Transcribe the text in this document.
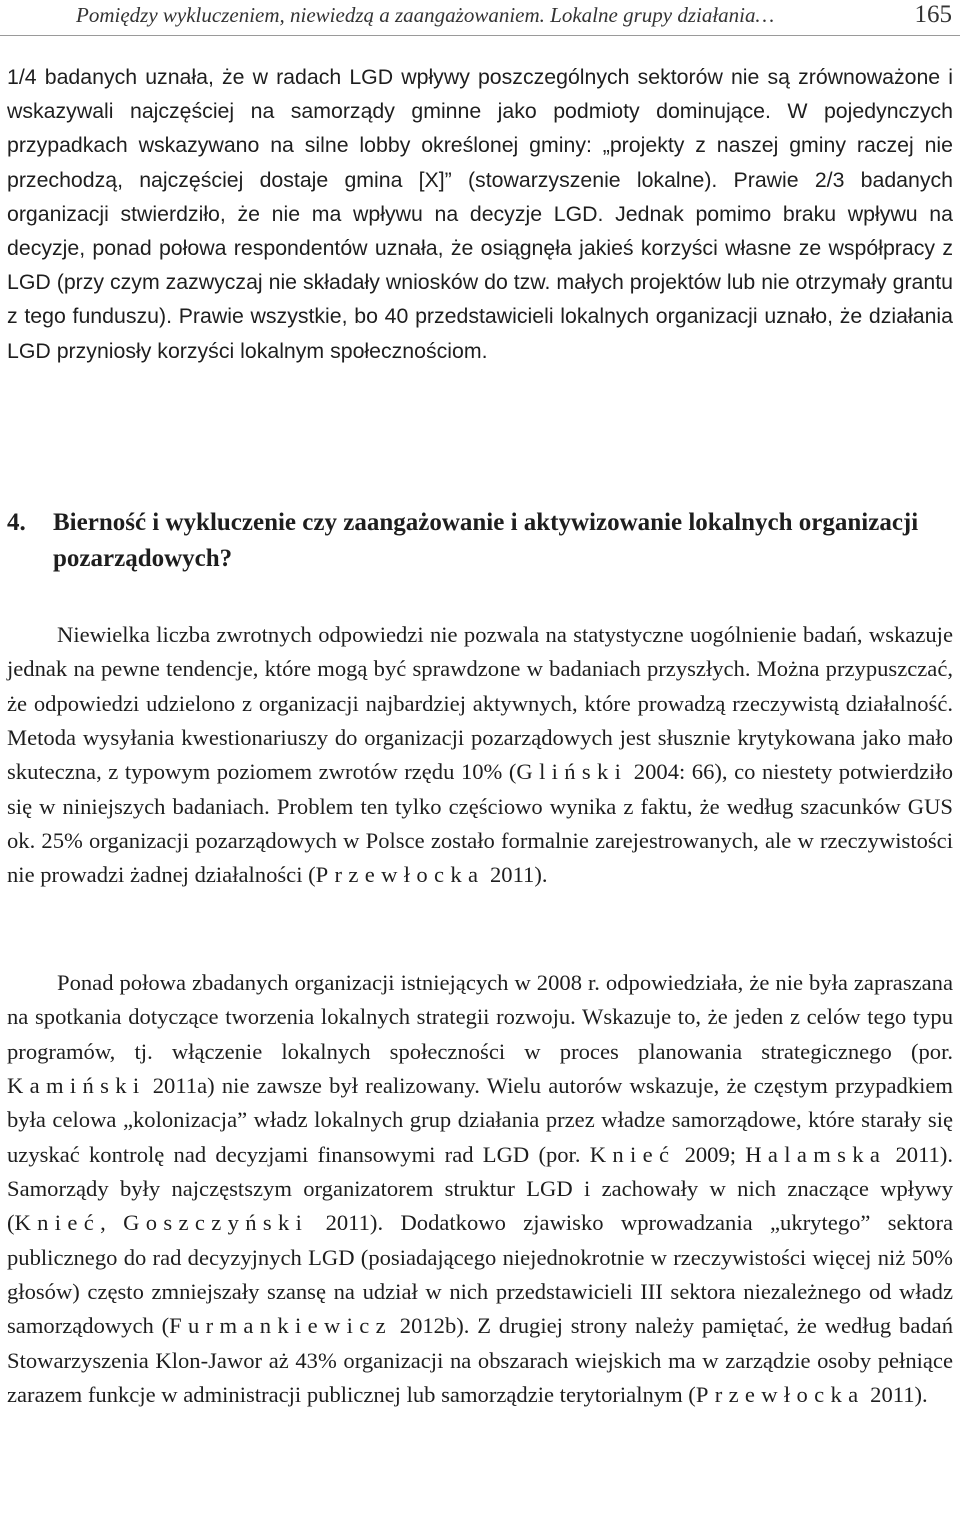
Pomiędzy wykluczeniem, niewiedzą a zaangażowaniem. Lokalne grupy działania…	165

1/4 badanych uznała, że w radach LGD wpływy poszczególnych sektorów nie są zrównoważone i wskazywali najczęściej na samorządy gminne jako podmioty dominujące. W pojedynczych przypadkach wskazywano na silne lobby określonej gminy: „projekty z naszej gminy raczej nie przechodzą, najczęściej dostaje gmina [X]” (stowarzyszenie lokalne). Prawie 2/3 badanych organizacji stwierdziło, że nie ma wpływu na decyzje LGD. Jednak pomimo braku wpływu na decyzje, ponad połowa respondentów uznała, że osiągnęła jakieś korzyści własne ze współpracy z LGD (przy czym zazwyczaj nie składały wniosków do tzw. małych projektów lub nie otrzymały grantu z tego funduszu). Prawie wszystkie, bo 40 przedstawicieli lokalnych organizacji uznało, że działania LGD przyniosły korzyści lokalnym społecznościom.

4.	Bierność i wykluczenie czy zaangażowanie i aktywizowanie lokalnych organizacji pozarządowych?

Niewielka liczba zwrotnych odpowiedzi nie pozwala na statystyczne uogólnienie badań, wskazuje jednak na pewne tendencje, które mogą być sprawdzone w badaniach przyszłych. Można przypuszczać, że odpowiedzi udzielono z organizacji najbardziej aktywnych, które prowadzą rzeczywistą działalność. Metoda wysyłania kwestionariuszy do organizacji pozarządowych jest słusznie krytykowana jako mało skuteczna, z typowym poziomem zwrotów rzędu 10% (Gliński 2004: 66), co niestety potwierdziło się w niniejszych badaniach. Problem ten tylko częściowo wynika z faktu, że według szacunków GUS ok. 25% organizacji pozarządowych w Polsce zostało formalnie zarejestrowanych, ale w rzeczywistości nie prowadzi żadnej działalności (Przewłocka 2011).

Ponad połowa zbadanych organizacji istniejących w 2008 r. odpowiedziała, że nie była zapraszana na spotkania dotyczące tworzenia lokalnych strategii rozwoju. Wskazuje to, że jeden z celów tego typu programów, tj. włączenie lokalnych społeczności w proces planowania strategicznego (por. Kamiński 2011a) nie zawsze był realizowany. Wielu autorów wskazuje, że częstym przypadkiem była celowa „kolonizacja” władz lokalnych grup działania przez władze samorządowe, które starały się uzyskać kontrolę nad decyzjami finansowymi rad LGD (por. Knieć 2009; Halamska 2011). Samorządy były najczęstszym organizatorem struktur LGD i zachowały w nich znaczące wpływy (Knieć, Goszczyński 2011). Dodatkowo zjawisko wprowadzania „ukrytego” sektora publicznego do rad decyzyjnych LGD (posiadającego niejednokrotnie w rzeczywistości więcej niż 50% głosów) często zmniejszały szansę na udział w nich przedstawicieli III sektora niezależnego od władz samorządowych (Furmankiewicz 2012b). Z drugiej strony należy pamiętać, że według badań Stowarzyszenia Klon-Jawor aż 43% organizacji na obszarach wiejskich ma w zarządzie osoby pełniące zarazem funkcje w administracji publicznej lub samorządzie terytorialnym (Przewłocka 2011).
